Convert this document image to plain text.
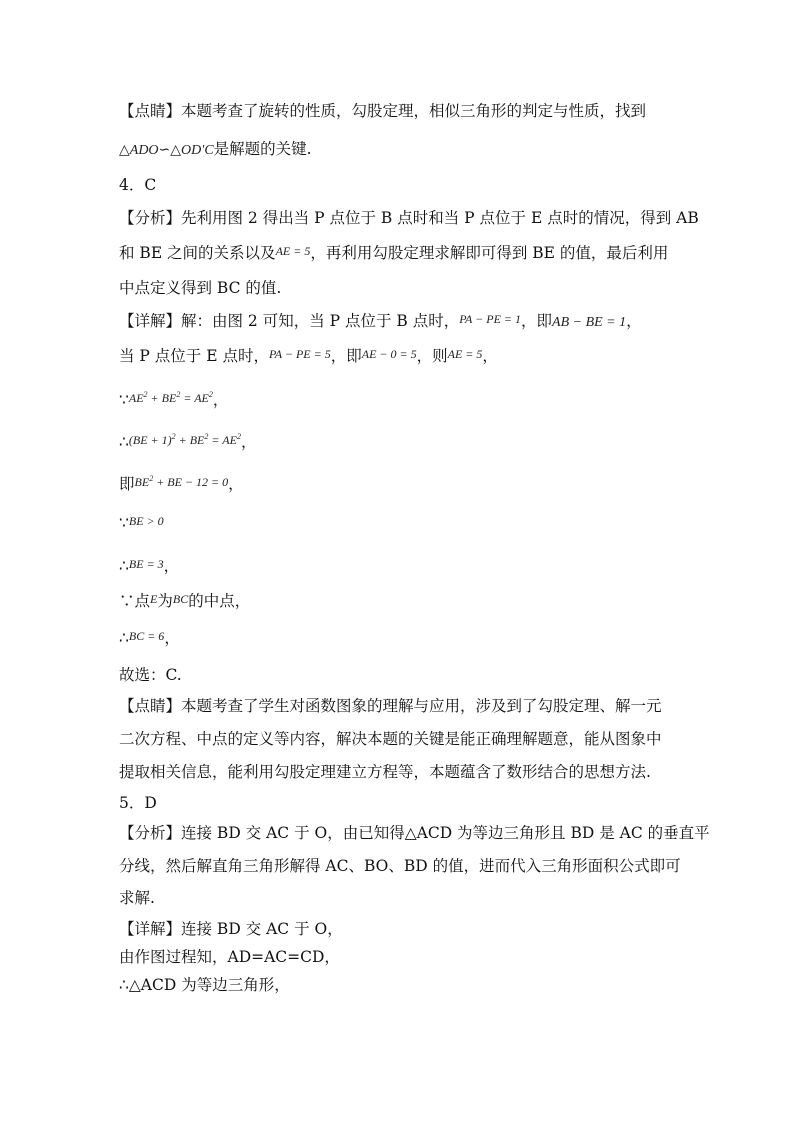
【点睛】本题考查了旋转的性质，勾股定理，相似三角形的判定与性质，找到
△ADO∽△OD′C是解题的关键.
4．C
【分析】先利用图 2 得出当 P 点位于 B 点时和当 P 点位于 E 点时的情况，得到 AB
和 BE 之间的关系以及AE = 5，再利用勾股定理求解即可得到 BE 的值，最后利用
中点定义得到 BC 的值.
【详解】解：由图 2 可知，当 P 点位于 B 点时，PA − PE = 1，即AB − BE = 1，
当 P 点位于 E 点时，PA − PE = 5，即AE − 0 = 5，则AE = 5，
$\because AE^2 + BE^2 = AE^2$，
∴(BE + $1)^2 + BE^2 = AE^2$，
即$BE^2$ + BE − 12 = 0，
∵BE > 0
∴BE = 3，
∵点E为BC的中点，
∴BC = 6，
故选：C.
【点睛】本题考查了学生对函数图象的理解与应用，涉及到了勾股定理、解一元
二次方程、中点的定义等内容，解决本题的关键是能正确理解题意，能从图象中
提取相关信息，能利用勾股定理建立方程等，本题蕴含了数形结合的思想方法.
5．D
【分析】连接 BD 交 AC 于 O，由已知得△ACD 为等边三角形且 BD 是 AC 的垂直平
分线，然后解直角三角形解得 AC、BO、BD 的值，进而代入三角形面积公式即可
求解.
【详解】连接 BD 交 AC 于 O，
由作图过程知，AD=AC=CD，
∴△ACD 为等边三角形，
